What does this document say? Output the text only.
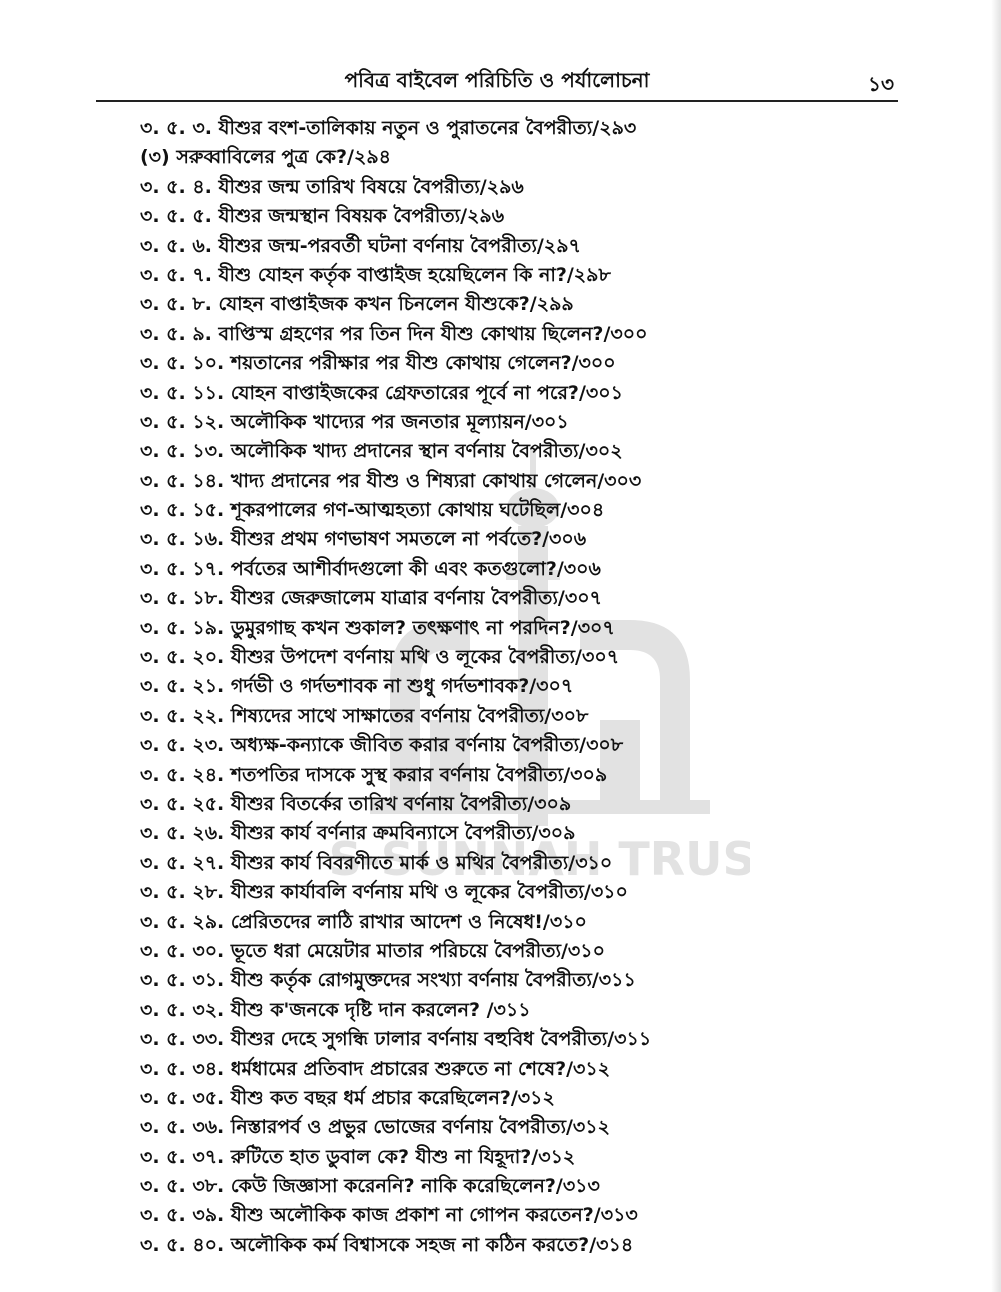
S-SUNNAH TRUS
পবিত্র বাইবেল পরিচিতি ও পর্যালোচনা	১৩
৩. ৫. ৩. যীশুর বংশ-তালিকায় নতুন ও পুরাতনের বৈপরীত্য/২৯৩
(৩) সরুব্বাবিলের পুত্র কে?/২৯৪
৩. ৫. ৪. যীশুর জন্ম তারিখ বিষয়ে বৈপরীত্য/২৯৬
৩. ৫. ৫. যীশুর জন্মস্থান বিষয়ক বৈপরীত্য/২৯৬
৩. ৫. ৬. যীশুর জন্ম-পরবর্তী ঘটনা বর্ণনায় বৈপরীত্য/২৯৭
৩. ৫. ৭. যীশু যোহন কর্তৃক বাপ্তাইজ হয়েছিলেন কি না?/২৯৮
৩. ৫. ৮. যোহন বাপ্তাইজক কখন চিনলেন যীশুকে?/২৯৯
৩. ৫. ৯. বাপ্তিস্ম গ্রহণের পর তিন দিন যীশু কোথায় ছিলেন?/৩০০
৩. ৫. ১০. শয়তানের পরীক্ষার পর যীশু কোথায় গেলেন?/৩০০
৩. ৫. ১১. যোহন বাপ্তাইজকের গ্রেফতারের পূর্বে না পরে?/৩০১
৩. ৫. ১২. অলৌকিক খাদ্যের পর জনতার মূল্যায়ন/৩০১
৩. ৫. ১৩. অলৌকিক খাদ্য প্রদানের স্থান বর্ণনায় বৈপরীত্য/৩০২
৩. ৫. ১৪. খাদ্য প্রদানের পর যীশু ও শিষ্যরা কোথায় গেলেন/৩০৩
৩. ৫. ১৫. শূকরপালের গণ-আত্মহত্যা কোথায় ঘটেছিল/৩০৪
৩. ৫. ১৬. যীশুর প্রথম গণভাষণ সমতলে না পর্বতে?/৩০৬
৩. ৫. ১৭. পর্বতের আশীর্বাদগুলো কী এবং কতগুলো?/৩০৬
৩. ৫. ১৮. যীশুর জেরুজালেম যাত্রার বর্ণনায় বৈপরীত্য/৩০৭
৩. ৫. ১৯. ডুমুরগাছ কখন শুকাল? তৎক্ষণাৎ না পরদিন?/৩০৭
৩. ৫. ২০. যীশুর উপদেশ বর্ণনায় মথি ও লূকের বৈপরীত্য/৩০৭
৩. ৫. ২১. গর্দভী ও গর্দভশাবক না শুধু গর্দভশাবক?/৩০৭
৩. ৫. ২২. শিষ্যদের সাথে সাক্ষাতের বর্ণনায় বৈপরীত্য/৩০৮
৩. ৫. ২৩. অধ্যক্ষ-কন্যাকে জীবিত করার বর্ণনায় বৈপরীত্য/৩০৮
৩. ৫. ২৪. শতপতির দাসকে সুস্থ করার বর্ণনায় বৈপরীত্য/৩০৯
৩. ৫. ২৫. যীশুর বিতর্কের তারিখ বর্ণনায় বৈপরীত্য/৩০৯
৩. ৫. ২৬. যীশুর কার্য বর্ণনার ক্রমবিন্যাসে বৈপরীত্য/৩০৯
৩. ৫. ২৭. যীশুর কার্য বিবরণীতে মার্ক ও মথির বৈপরীত্য/৩১০
৩. ৫. ২৮. যীশুর কার্যাবলি বর্ণনায় মথি ও লূকের বৈপরীত্য/৩১০
৩. ৫. ২৯. প্রেরিতদের লাঠি রাখার আদেশ ও নিষেধ!/৩১০
৩. ৫. ৩০. ভূতে ধরা মেয়েটার মাতার পরিচয়ে বৈপরীত্য/৩১০
৩. ৫. ৩১. যীশু কর্তৃক রোগমুক্তদের সংখ্যা বর্ণনায় বৈপরীত্য/৩১১
৩. ৫. ৩২. যীশু ক'জনকে দৃষ্টি দান করলেন? /৩১১
৩. ৫. ৩৩. যীশুর দেহে সুগন্ধি ঢালার বর্ণনায় বহুবিধ বৈপরীত্য/৩১১
৩. ৫. ৩৪. ধর্মধামের প্রতিবাদ প্রচারের শুরুতে না শেষে?/৩১২
৩. ৫. ৩৫. যীশু কত বছর ধর্ম প্রচার করেছিলেন?/৩১২
৩. ৫. ৩৬. নিস্তারপর্ব ও প্রভুর ভোজের বর্ণনায় বৈপরীত্য/৩১২
৩. ৫. ৩৭. রুটিতে হাত ডুবাল কে? যীশু না যিহূদা?/৩১২
৩. ৫. ৩৮. কেউ জিজ্ঞাসা করেননি? নাকি করেছিলেন?/৩১৩
৩. ৫. ৩৯. যীশু অলৌকিক কাজ প্রকাশ না গোপন করতেন?/৩১৩
৩. ৫. ৪০. অলৌকিক কর্ম বিশ্বাসকে সহজ না কঠিন করতে?/৩১৪
